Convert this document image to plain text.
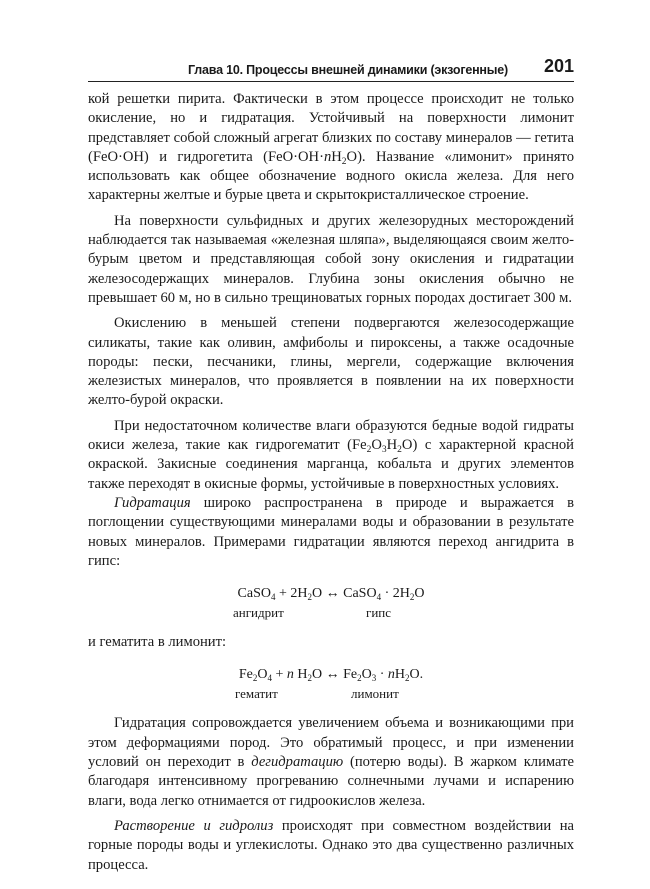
Глава 10. Процессы внешней динамики (экзогенные) 201

кой решетки пирита. Фактически в этом процессе происходит не только окисление, но и гидратация. Устойчивый на поверхности лимонит представляет собой сложный агрегат близких по составу минералов — гетита (FeO·OH) и гидрогетита $(FeO\cdot OH\cdot nH_2O)$. Название «лимонит» принято использовать как общее обозначение водного окисла железа. Для него характерны желтые и бурые цвета и скрытокристаллическое строение.

На поверхности сульфидных и других железорудных месторождений наблюдается так называемая «железная шляпа», выделяющаяся своим желто-бурым цветом и представляющая собой зону окисления и гидратации железосодержащих минералов. Глубина зоны окисления обычно не превышает 60 м, но в сильно трещиноватых горных породах достигает 300 м.

Окислению в меньшей степени подвергаются железосодержащие силикаты, такие как оливин, амфиболы и пироксены, а также осадочные породы: пески, песчаники, глины, мергели, содержащие включения железистых минералов, что проявляется в появлении на их поверхности желто-бурой окраски.

При недостаточном количестве влаги образуются бедные водой гидраты окиси железа, такие как гидрогематит $(Fe_2O_3H_2O)$ с характерной красной окраской. Закисные соединения марганца, кобальта и других элементов также переходят в окисные формы, устойчивые в поверхностных условиях.

Гидратация широко распространена в природе и выражается в поглощении существующими минералами воды и образовании в результате новых минералов. Примерами гидратации являются переход ангидрита в гипс:

CaSO$_4$ + $2H_2O$ ↔ CaSO$_4$ · $2H_2O$
ангидрит	гипс

и гематита в лимонит:

$Fe_2O_4 + n$ $H_2O$ ↔ $Fe_2O_3 \cdot nH_2O$.
гематит	лимонит

Гидратация сопровождается увеличением объема и возникающими при этом деформациями пород. Это обратимый процесс, и при изменении условий он переходит в дегидратацию (потерю воды). В жарком климате благодаря интенсивному прогреванию солнечными лучами и испарению влаги, вода легко отнимается от гидроокислов железа.

Растворение и гидролиз происходят при совместном воздействии на горные породы воды и углекислоты. Однако это два существенно различных процесса.
